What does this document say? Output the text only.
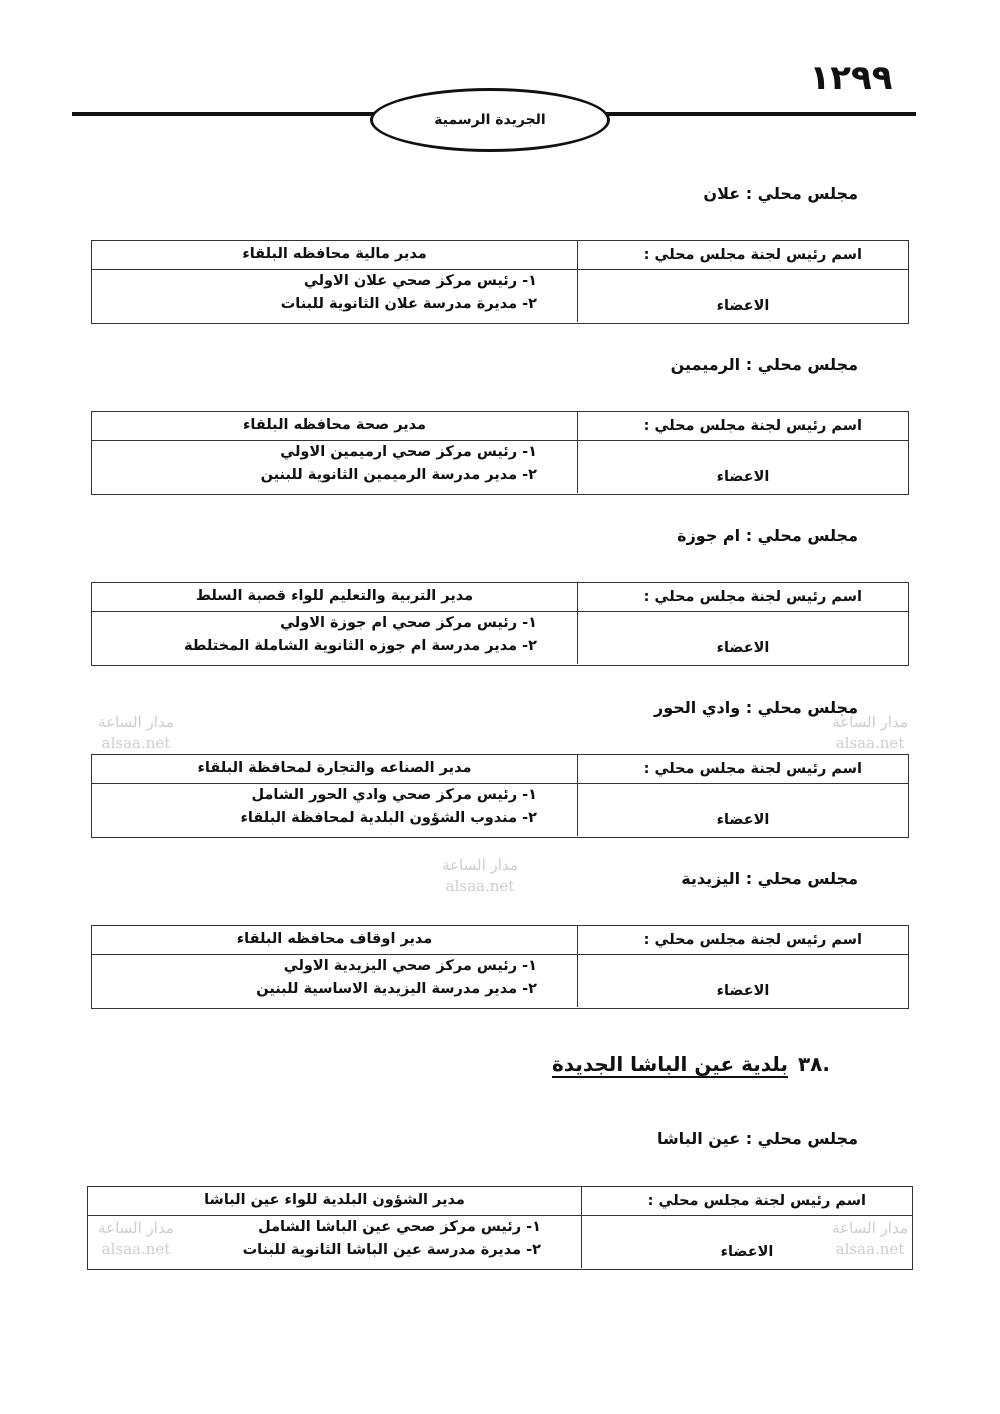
١٢٩٩
الجريدة الرسمية
مجلس محلي : علان
اسم رئيس لجنة مجلس محلي :
مدير مالية محافظه البلقاء
الاعضاء
١- رئيس مركز صحي علان الاولي
٢- مديرة مدرسة علان الثانوية للبنات
مجلس محلي : الرميمين
اسم رئيس لجنة مجلس محلي :
مدير صحة محافظه البلقاء
الاعضاء
١- رئيس مركز صحي ارميمين الاولي
٢- مدير مدرسة الرميمين الثانوية للبنين
مجلس محلي : ام جوزة
اسم رئيس لجنة مجلس محلي :
مدير التربية والتعليم للواء قصبة السلط
الاعضاء
١- رئيس مركز صحي ام جوزة الاولي
٢- مدير مدرسة ام جوزه الثانوية الشاملة المختلطة
مجلس محلي : وادي الحور
اسم رئيس لجنة مجلس محلي :
مدير الصناعه والتجارة لمحافظة البلقاء
الاعضاء
١- رئيس مركز صحي وادي الحور الشامل
٢- مندوب الشؤون البلدية لمحافظة البلقاء
مجلس محلي : اليزيدية
اسم رئيس لجنة مجلس محلي :
مدير اوقاف محافظه البلقاء
الاعضاء
١- رئيس مركز صحي اليزيدية الاولي
٢- مدير مدرسة اليزيدية الاساسية للبنين
.٣٨بلدية عين الباشا الجديدة
مجلس محلي : عين الباشا
اسم رئيس لجنة مجلس محلي :
مدير الشؤون البلدية للواء عين الباشا
الاعضاء
١- رئيس مركز صحي عين الباشا الشامل
٢- مديرة مدرسة عين الباشا الثانوية للبنات
مدار الساعة
alsaa.net
مدار الساعة
alsaa.net
مدار الساعة
alsaa.net
مدار الساعة
alsaa.net
مدار الساعة
alsaa.net
